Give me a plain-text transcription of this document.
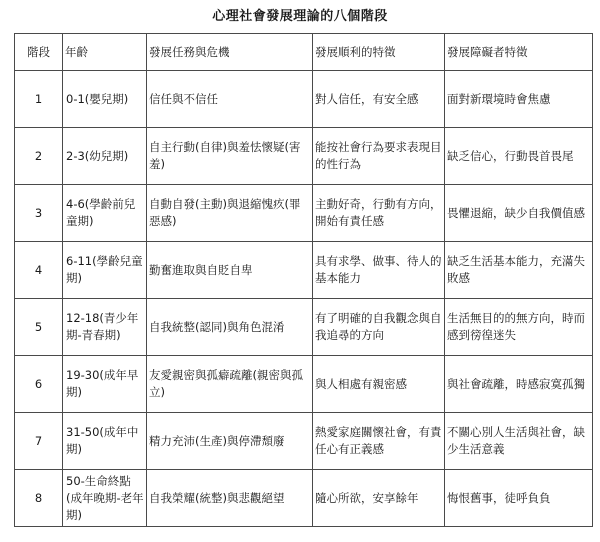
心理社會發展理論的八個階段
階段	年齡	發展任務與危機	發展順利的特徵	發展障礙者特徵
1	0-1(嬰兒期)	信任與不信任	對人信任，有安全感	面對新環境時會焦慮
2	2-3(幼兒期)	自主行動(自律)與羞怯懷疑(害羞)	能按社會行為要求表現目的性行為	缺乏信心，行動畏首畏尾
3	4-6(學齡前兒童期)	自動自發(主動)與退縮愧疚(罪惡感)	主動好奇，行動有方向，開始有責任感	畏懼退縮，缺少自我價值感
4	6-11(學齡兒童期)	勤奮進取與自貶自卑	具有求學、做事、待人的基本能力	缺乏生活基本能力，充滿失敗感
5	12-18(青少年期-青春期)	自我統整(認同)與角色混淆	有了明確的自我觀念與自我追尋的方向	生活無目的的無方向，時而感到徬徨迷失
6	19-30(成年早期)	友愛親密與孤癖疏離(親密與孤立)	與人相處有親密感	與社會疏離，時感寂寞孤獨
7	31-50(成年中期)	精力充沛(生產)與停滯頹廢	熱愛家庭關懷社會，有責任心有正義感	不關心別人生活與社會，缺少生活意義
8	50-生命終點(成年晚期-老年期)	自我榮耀(統整)與悲觀絕望	隨心所欲，安享餘年	悔恨舊事，徒呼負負
